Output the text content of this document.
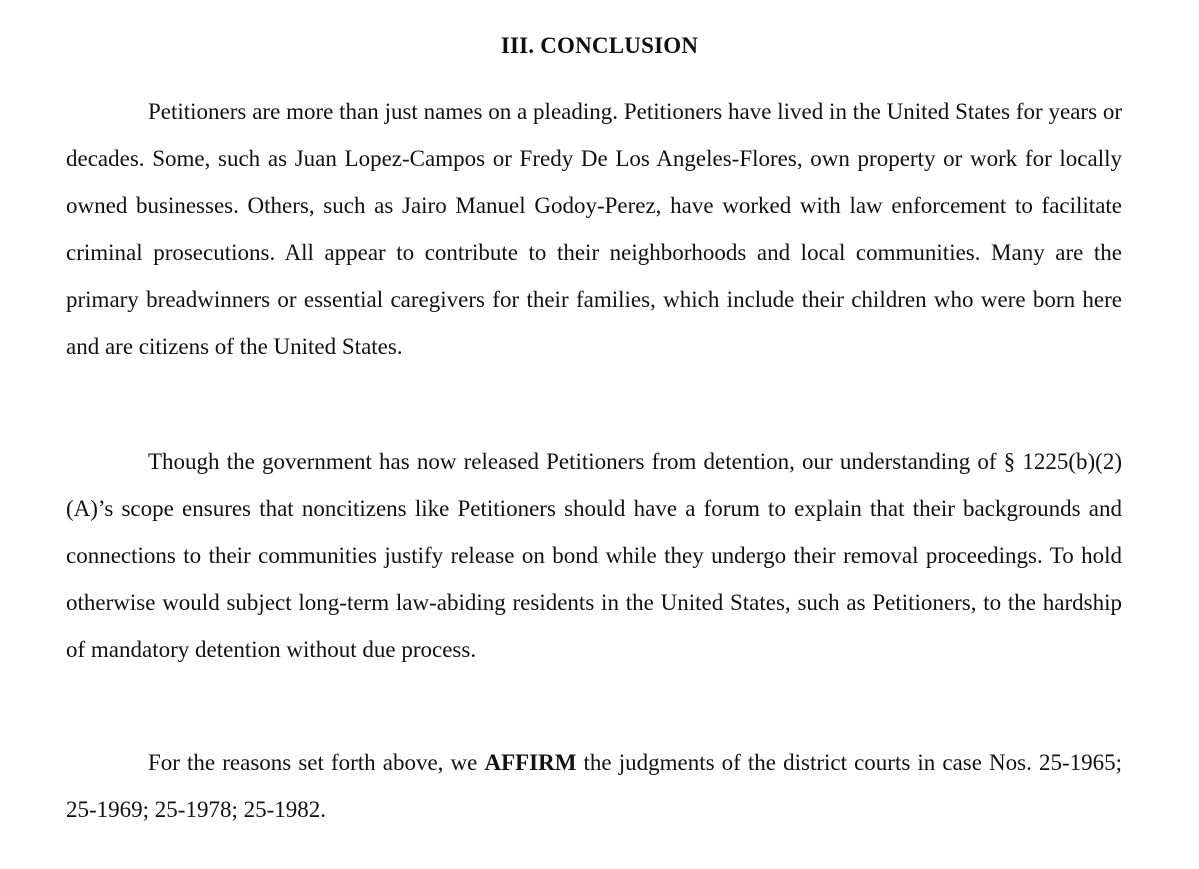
III. CONCLUSION
Petitioners are more than just names on a pleading. Petitioners have lived in the United States for years or decades. Some, such as Juan Lopez-Campos or Fredy De Los Angeles-Flores, own property or work for locally owned businesses. Others, such as Jairo Manuel Godoy-Perez, have worked with law enforcement to facilitate criminal prosecutions. All appear to contribute to their neighborhoods and local communities. Many are the primary breadwinners or essential caregivers for their families, which include their children who were born here and are citizens of the United States.
Though the government has now released Petitioners from detention, our understanding of § 1225(b)(2)(A)’s scope ensures that noncitizens like Petitioners should have a forum to explain that their backgrounds and connections to their communities justify release on bond while they undergo their removal proceedings. To hold otherwise would subject long-term law-abiding residents in the United States, such as Petitioners, to the hardship of mandatory detention without due process.
For the reasons set forth above, we AFFIRM the judgments of the district courts in case Nos. 25-1965; 25-1969; 25-1978; 25-1982.
